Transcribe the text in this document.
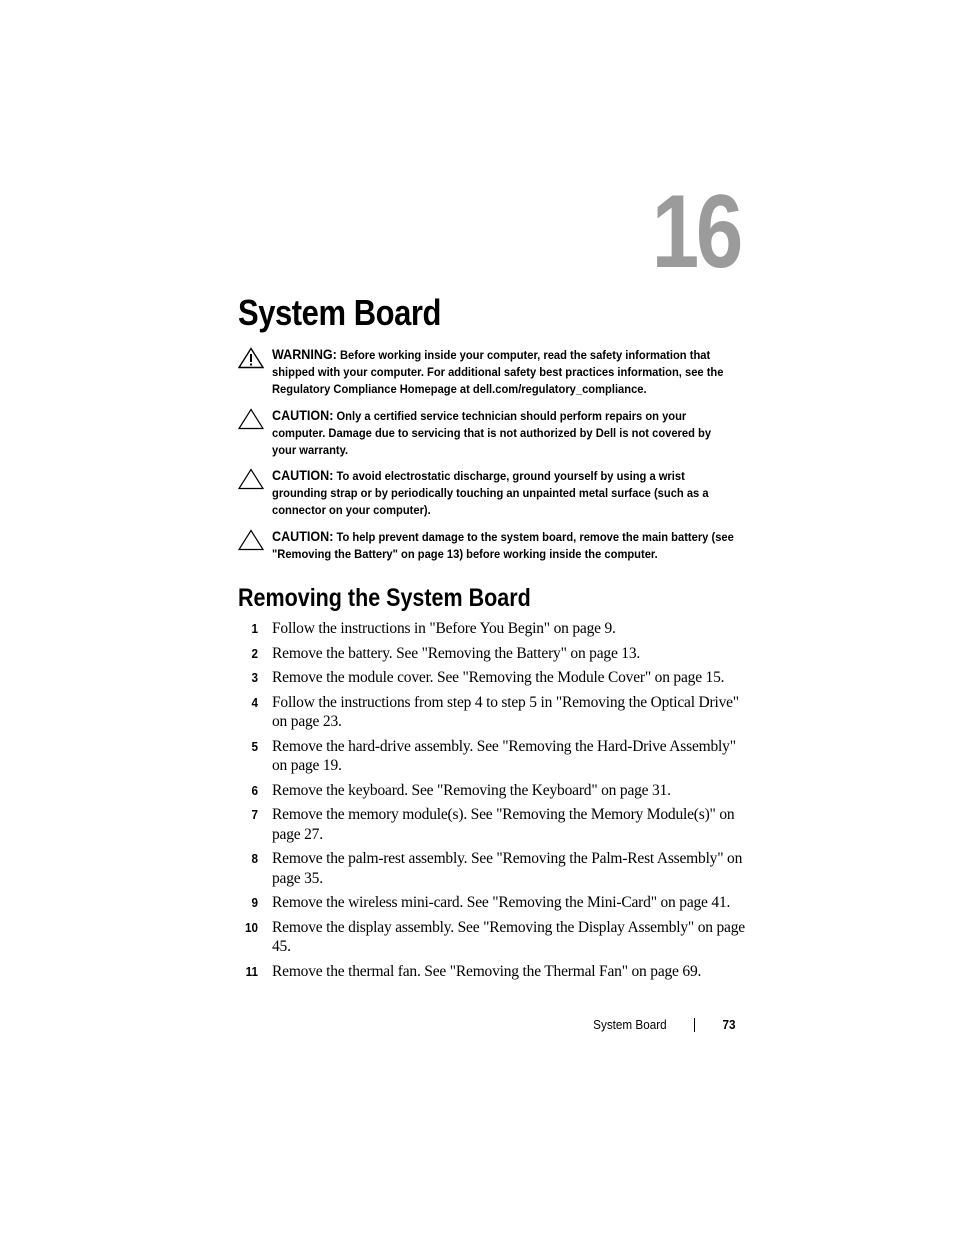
16
System Board
WARNING: Before working inside your computer, read the safety information that shipped with your computer. For additional safety best practices information, see the Regulatory Compliance Homepage at dell.com/regulatory_compliance.
CAUTION: Only a certified service technician should perform repairs on your computer. Damage due to servicing that is not authorized by Dell is not covered by your warranty.
CAUTION: To avoid electrostatic discharge, ground yourself by using a wrist grounding strap or by periodically touching an unpainted metal surface (such as a connector on your computer).
CAUTION: To help prevent damage to the system board, remove the main battery (see "Removing the Battery" on page 13) before working inside the computer.
Removing the System Board
1 Follow the instructions in "Before You Begin" on page 9.
2 Remove the battery. See "Removing the Battery" on page 13.
3 Remove the module cover. See "Removing the Module Cover" on page 15.
4 Follow the instructions from step 4 to step 5 in "Removing the Optical Drive" on page 23.
5 Remove the hard-drive assembly. See "Removing the Hard-Drive Assembly" on page 19.
6 Remove the keyboard. See "Removing the Keyboard" on page 31.
7 Remove the memory module(s). See "Removing the Memory Module(s)" on page 27.
8 Remove the palm-rest assembly. See "Removing the Palm-Rest Assembly" on page 35.
9 Remove the wireless mini-card. See "Removing the Mini-Card" on page 41.
10 Remove the display assembly. See "Removing the Display Assembly" on page 45.
11 Remove the thermal fan. See "Removing the Thermal Fan" on page 69.
System Board	73
